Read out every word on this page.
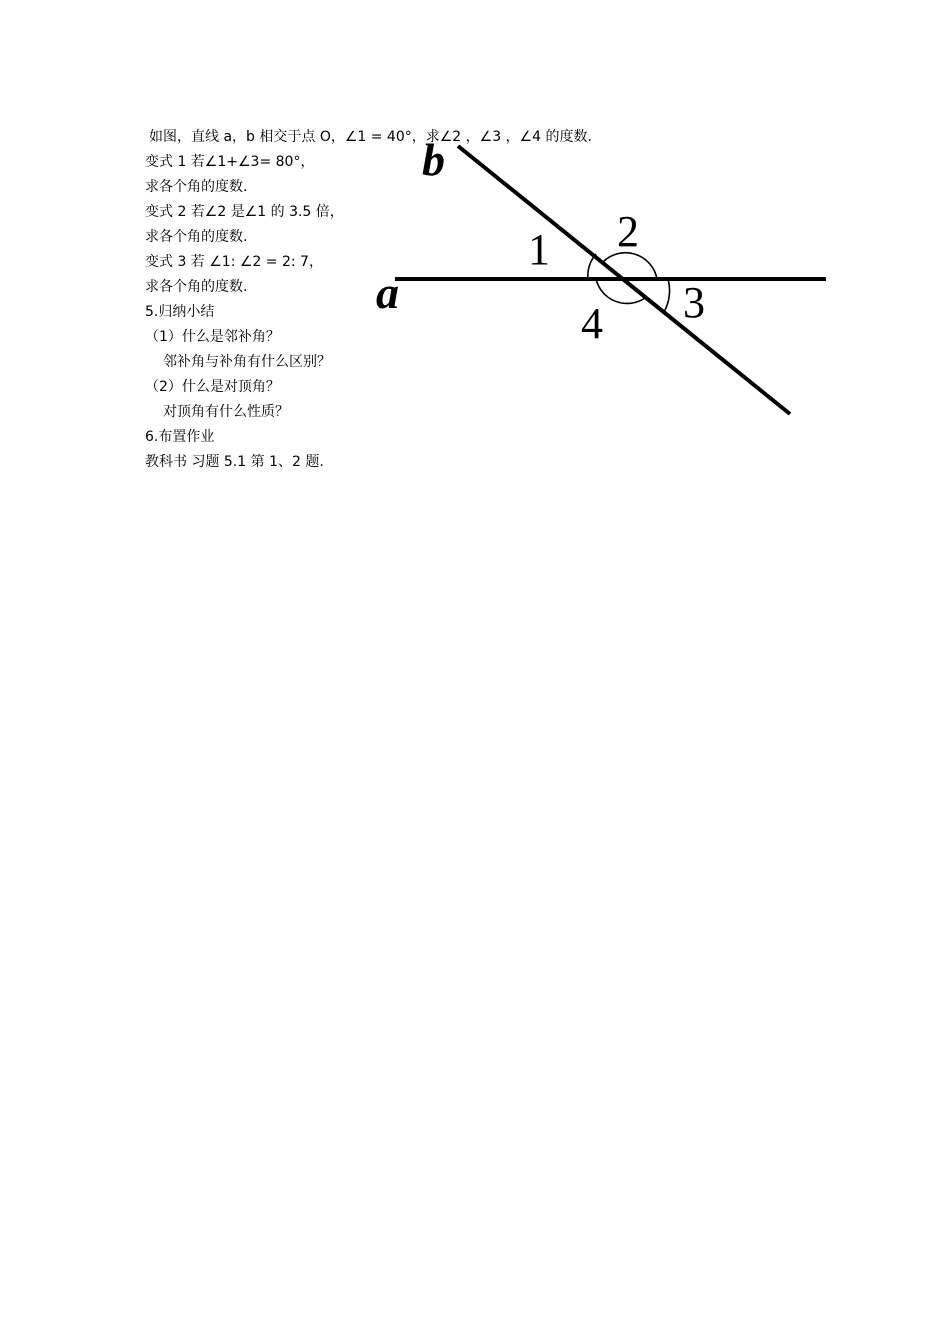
如图，直线 a，b 相交于点 O，∠1 = 40°，求∠2 ，∠3 ，∠4 的度数.
变式 1 若∠1+∠3= 80°，
求各个角的度数.
变式 2 若∠2 是∠1 的 3.5 倍，
求各个角的度数.
变式 3 若 ∠1: ∠2 = 2: 7，
求各个角的度数.
5.归纳小结
（1）什么是邻补角？
邻补角与补角有什么区别？
（2）什么是对顶角？
对顶角有什么性质？
6.布置作业
教科书 习题 5.1 第 1、2 题.
b
a
1 2
3
4
